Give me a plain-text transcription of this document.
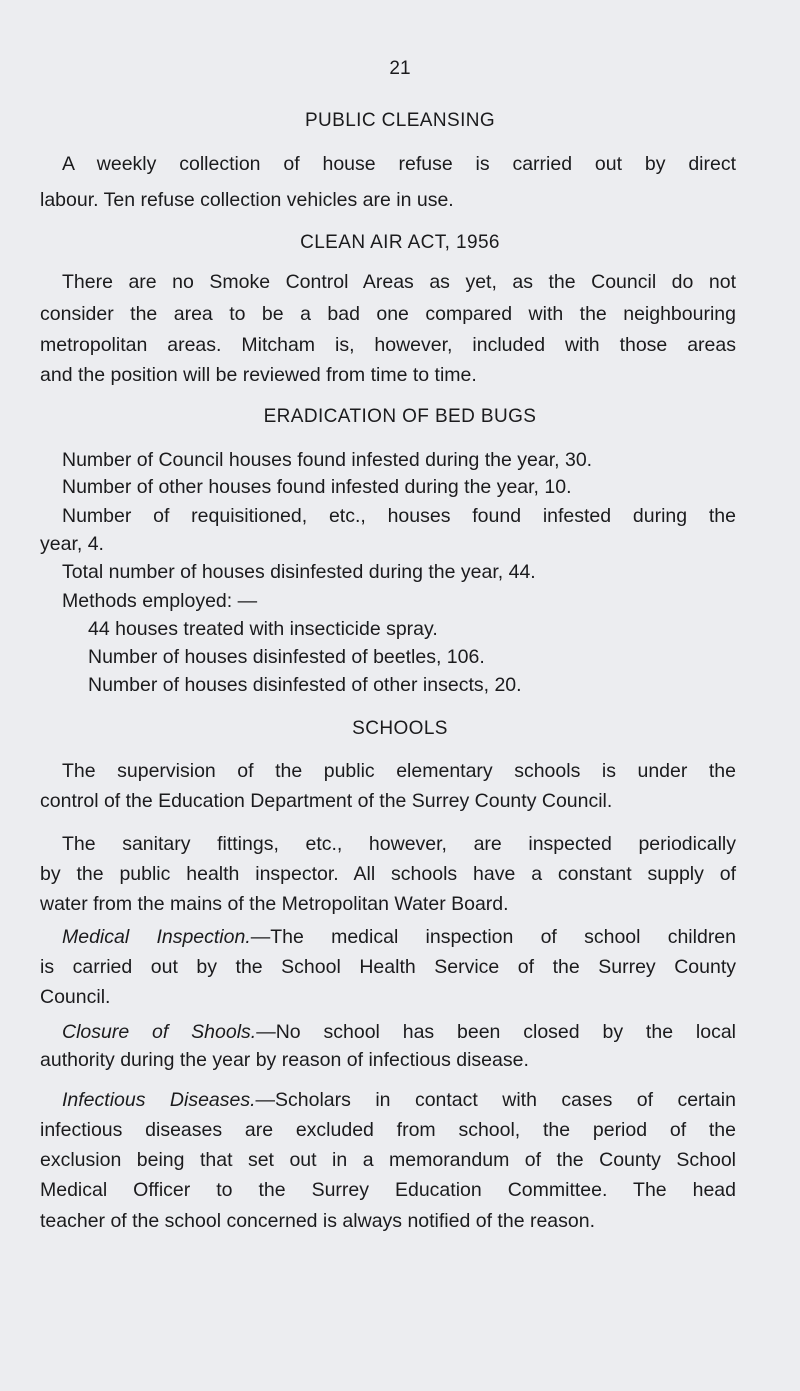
21
PUBLIC CLEANSING
A weekly collection of house refuse is carried out by direct
labour. Ten refuse collection vehicles are in use.
CLEAN AIR ACT, 1956
There are no Smoke Control Areas as yet, as the Council do not
consider the area to be a bad one compared with the neighbouring
metropolitan areas. Mitcham is, however, included with those areas
and the position will be reviewed from time to time.
ERADICATION OF BED BUGS
Number of Council houses found infested during the year, 30.
Number of other houses found infested during the year, 10.
Number of requisitioned, etc., houses found infested during the
year, 4.
Total number of houses disinfested during the year, 44.
Methods employed: —
44 houses treated with insecticide spray.
Number of houses disinfested of beetles, 106.
Number of houses disinfested of other insects, 20.
SCHOOLS
The supervision of the public elementary schools is under the
control of the Education Department of the Surrey County Council.
The sanitary fittings, etc., however, are inspected periodically
by the public health inspector. All schools have a constant supply of
water from the mains of the Metropolitan Water Board.
Medical Inspection.—The medical inspection of school children
is carried out by the School Health Service of the Surrey County
Council.
Closure of Shools.—No school has been closed by the local
authority during the year by reason of infectious disease.
Infectious Diseases.—Scholars in contact with cases of certain
infectious diseases are excluded from school, the period of the
exclusion being that set out in a memorandum of the County School
Medical Officer to the Surrey Education Committee. The head
teacher of the school concerned is always notified of the reason.
